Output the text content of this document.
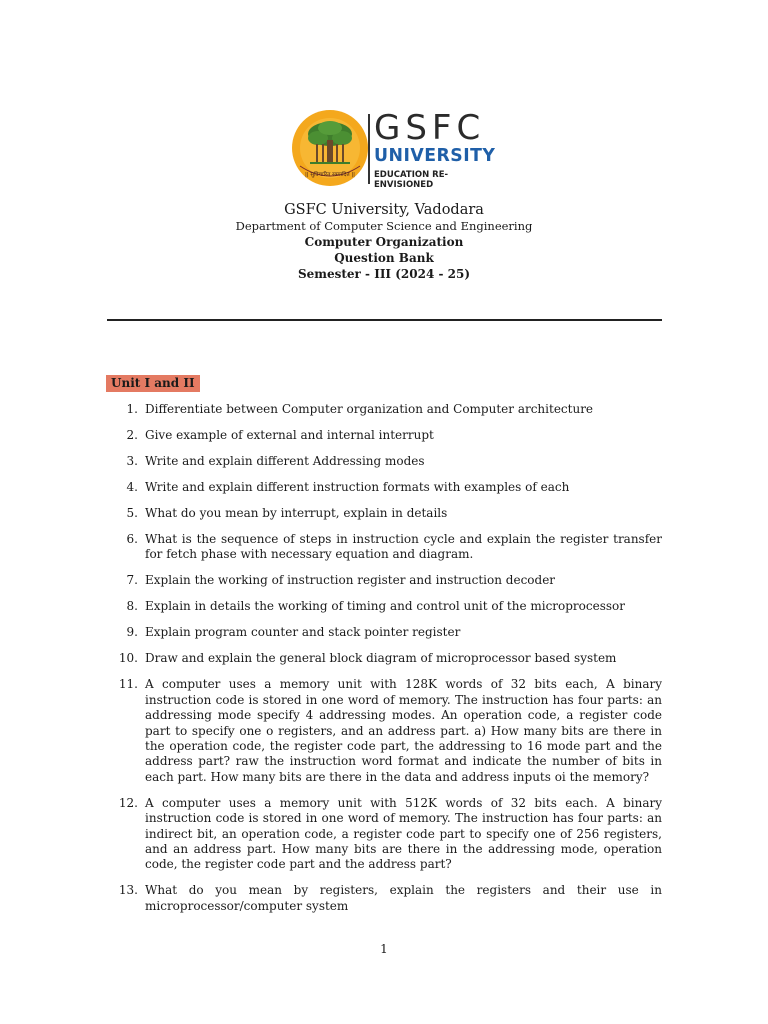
|| सुविचारित सम्पादित ||
GSFC
UNIVERSITY
EDUCATION RE-ENVISIONED
GSFC University, Vadodara
Department of Computer Science and Engineering
Computer Organization
Question Bank
Semester - III (2024 - 25)
Unit I and II
1. Differentiate between Computer organization and Computer architecture
2. Give example of external and internal interrupt
3. Write and explain different Addressing modes
4. Write and explain different instruction formats with examples of each
5. What do you mean by interrupt, explain in details
6. What is the sequence of steps in instruction cycle and explain the register transfer for fetch phase with necessary equation and diagram.
7. Explain the working of instruction register and instruction decoder
8. Explain in details the working of timing and control unit of the microprocessor
9. Explain program counter and stack pointer register
10. Draw and explain the general block diagram of microprocessor based system
11. A computer uses a memory unit with 128K words of 32 bits each, A binary instruction code is stored in one word of memory. The instruction has four parts: an addressing mode specify 4 addressing modes. An operation code, a register code part to specify one o registers, and an address part. a) How many bits are there in the operation code, the register code part, the addressing to 16 mode part and the address part? raw the instruction word format and indicate the number of bits in each part. How many bits are there in the data and address inputs oi the memory?
12. A computer uses a memory unit with 512K words of 32 bits each. A binary instruction code is stored in one word of memory. The instruction has four parts: an indirect bit, an operation code, a register code part to specify one of 256 registers, and an address part. How many bits are there in the addressing mode, operation code, the register code part and the address part?
13. What do you mean by registers, explain the registers and their use in microprocessor/computer system
1
